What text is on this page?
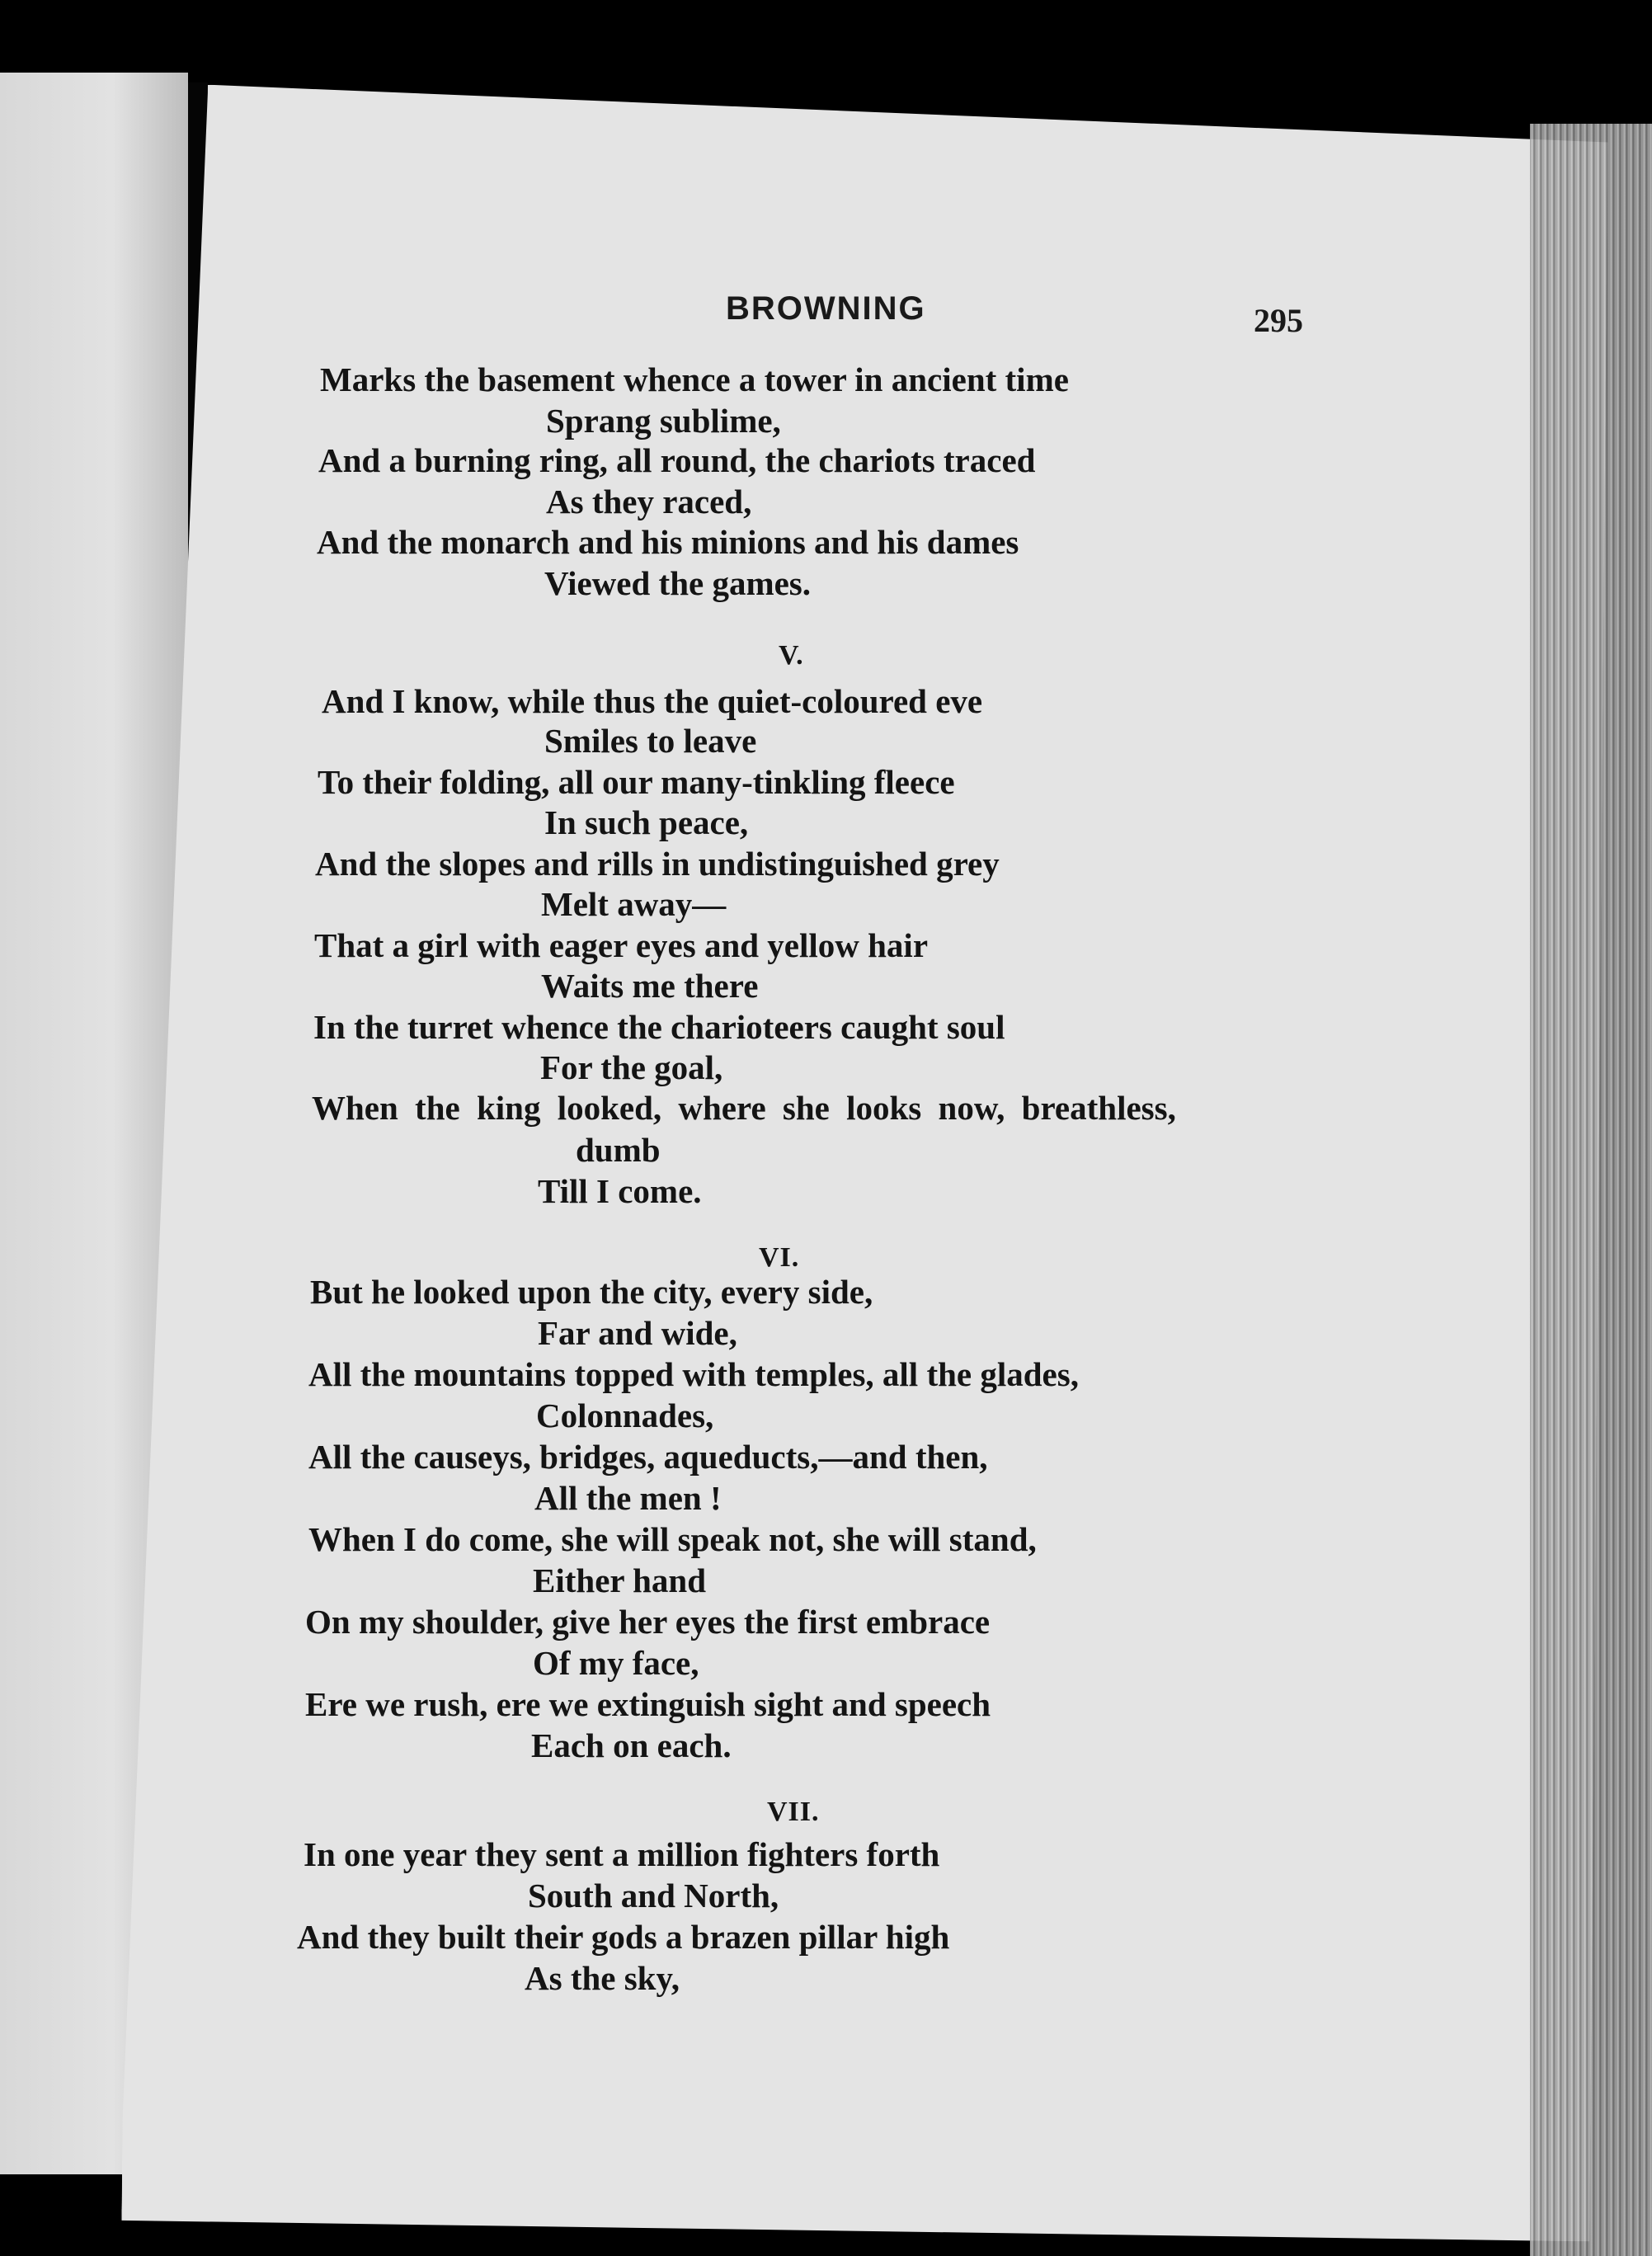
BROWNING	295
Marks the basement whence a tower in ancient time
Sprang sublime,
And a burning ring, all round, the chariots traced
As they raced,
And the monarch and his minions and his dames
Viewed the games.
V.
And I know, while thus the quiet-coloured eve
Smiles to leave
To their folding, all our many-tinkling fleece
In such peace,
And the slopes and rills in undistinguished grey
Melt away—
That a girl with eager eyes and yellow hair
Waits me there
In the turret whence the charioteers caught soul
For the goal,
When the king looked, where she looks now, breathless,
dumb
Till I come.
VI.
But he looked upon the city, every side,
Far and wide,
All the mountains topped with temples, all the glades,
Colonnades,
All the causeys, bridges, aqueducts,—and then,
All the men !
When I do come, she will speak not, she will stand,
Either hand
On my shoulder, give her eyes the first embrace
Of my face,
Ere we rush, ere we extinguish sight and speech
Each on each.
VII.
In one year they sent a million fighters forth
South and North,
And they built their gods a brazen pillar high
As the sky,
